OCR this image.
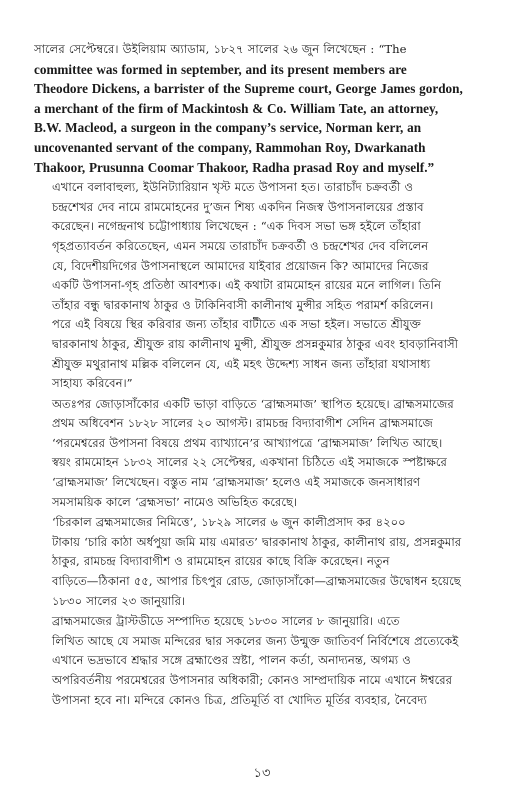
সালের সেপ্টেম্বরে। উইলিয়াম অ্যাডাম, ১৮২৭ সালের ২৬ জুন লিখেছেন : “The
committee was formed in september, and its present members are
Theodore Dickens, a barrister of the Supreme court, George James gordon,
a merchant of the firm of Mackintosh & Co. William Tate, an attorney,
B.W. Macleod, a surgeon in the company’s service, Norman kerr, an
uncovenanted servant of the company, Rammohan Roy, Dwarkanath
Thakoor, Prusunna Coomar Thakoor, Radha prasad Roy and myself.”
এখানে বলাবাহুল্য, ইউনিট্যারিয়ান খৃস্ট মতে উপাসনা হত। তারাচাঁদ চক্রবর্তী ও
চন্দ্রশেখর দেব নামে রামমোহনের দু’জন শিষ্য একদিন নিজস্ব উপাসনালয়ের প্রস্তাব
করেছেন। নগেন্দ্রনাথ চট্টোপাধ্যায় লিখেছেন : “এক দিবস সভা ভঙ্গ হইলে তাঁহারা
গৃহপ্রত্যাবর্তন করিতেছেন, এমন সময়ে তারাচাঁদ চক্রবর্তী ও চন্দ্রশেখর দেব বলিলেন
যে, বিদেশীয়দিগের উপাসনাস্থলে আমাদের যাইবার প্রয়োজন কি? আমাদের নিজের
একটি উপাসনা-গৃহ প্রতিষ্ঠা আবশ্যক। এই কথাটা রামমোহন রায়ের মনে লাগিল। তিনি
তাঁহার বন্ধু দ্বারকানাথ ঠাকুর ও টাকিনিবাসী কালীনাথ মুন্সীর সহিত পরামর্শ করিলেন।
পরে এই বিষয়ে স্থির করিবার জন্য তাঁহার বাটীতে এক সভা হইল। সভাতে শ্রীযুক্ত
দ্বারকানাথ ঠাকুর, শ্রীযুক্ত রায় কালীনাথ মুন্সী, শ্রীযুক্ত প্রসন্নকুমার ঠাকুর এবং হাবড়ানিবাসী
শ্রীযুক্ত মথুরানাথ মল্লিক বলিলেন যে, এই মহৎ উদ্দেশ্য সাধন জন্য তাঁহারা যথাসাধ্য
সাহায্য করিবেন।”
অতঃপর জোড়াসাঁকোর একটি ভাড়া বাড়িতে ‘ব্রাহ্মসমাজ’ স্থাপিত হয়েছে। ব্রাহ্মসমাজের
প্রথম অধিবেশন ১৮২৮ সালের ২০ আগস্ট। রামচন্দ্র বিদ্যাবাগীশ সেদিন ব্রাহ্মসমাজে
‘পরমেশ্বরের উপাসনা বিষয়ে প্রথম ব্যাখ্যানে’র আখ্যাপত্রে ‘ব্রাহ্মসমাজ’ লিখিত আছে।
স্বয়ং রামমোহন ১৮৩২ সালের ২২ সেপ্টেম্বর, একখানা চিঠিতে এই সমাজকে স্পষ্টাক্ষরে
‘ব্রাহ্মসমাজ’ লিখেছেন। বস্তুত নাম ‘ব্রাহ্মসমাজ’ হলেও এই সমাজকে জনসাধারণ
সমসাময়িক কালে ‘ব্রহ্মসভা’ নামেও অভিহিত করেছে।
‘চিরকাল ব্রহ্মসমাজের নিমিত্তে’, ১৮২৯ সালের ৬ জুন কালীপ্রসাদ কর ৪২০০
টাকায় ‘চারি কাঠা অর্ধপুয়া জমি মায় এমারত’ দ্বারকানাথ ঠাকুর, কালীনাথ রায়, প্রসন্নকুমার
ঠাকুর, রামচন্দ্র বিদ্যাবাগীশ ও রামমোহন রায়ের কাছে বিক্রি করেছেন। নতুন
বাড়িতে—ঠিকানা ৫৫, আপার চিৎপুর রোড, জোড়াসাঁকো—ব্রাহ্মসমাজের উদ্বোধন হয়েছে
১৮৩০ সালের ২৩ জানুয়ারি।
ব্রাহ্মসমাজের ট্রাস্টডীডে সম্পাদিত হয়েছে ১৮৩০ সালের ৮ জানুয়ারি। এতে
লিখিত আছে যে সমাজ মন্দিরের দ্বার সকলের জন্য উন্মুক্ত জাতিবর্ণ নির্বিশেষে প্রত্যেকেই
এখানে ভদ্রভাবে শ্রদ্ধার সঙ্গে ব্রহ্মাণ্ডের স্রষ্টা, পালন কর্তা, অনাদ্যনন্ত, অগম্য ও
অপরিবর্তনীয় পরমেশ্বরের উপাসনার অধিকারী; কোনও সাম্প্রদায়িক নামে এখানে ঈশ্বরের
উপাসনা হবে না। মন্দিরে কোনও চিত্র, প্রতিমূর্তি বা খোদিত মূর্তির ব্যবহার, নৈবেদ্য
১৩
